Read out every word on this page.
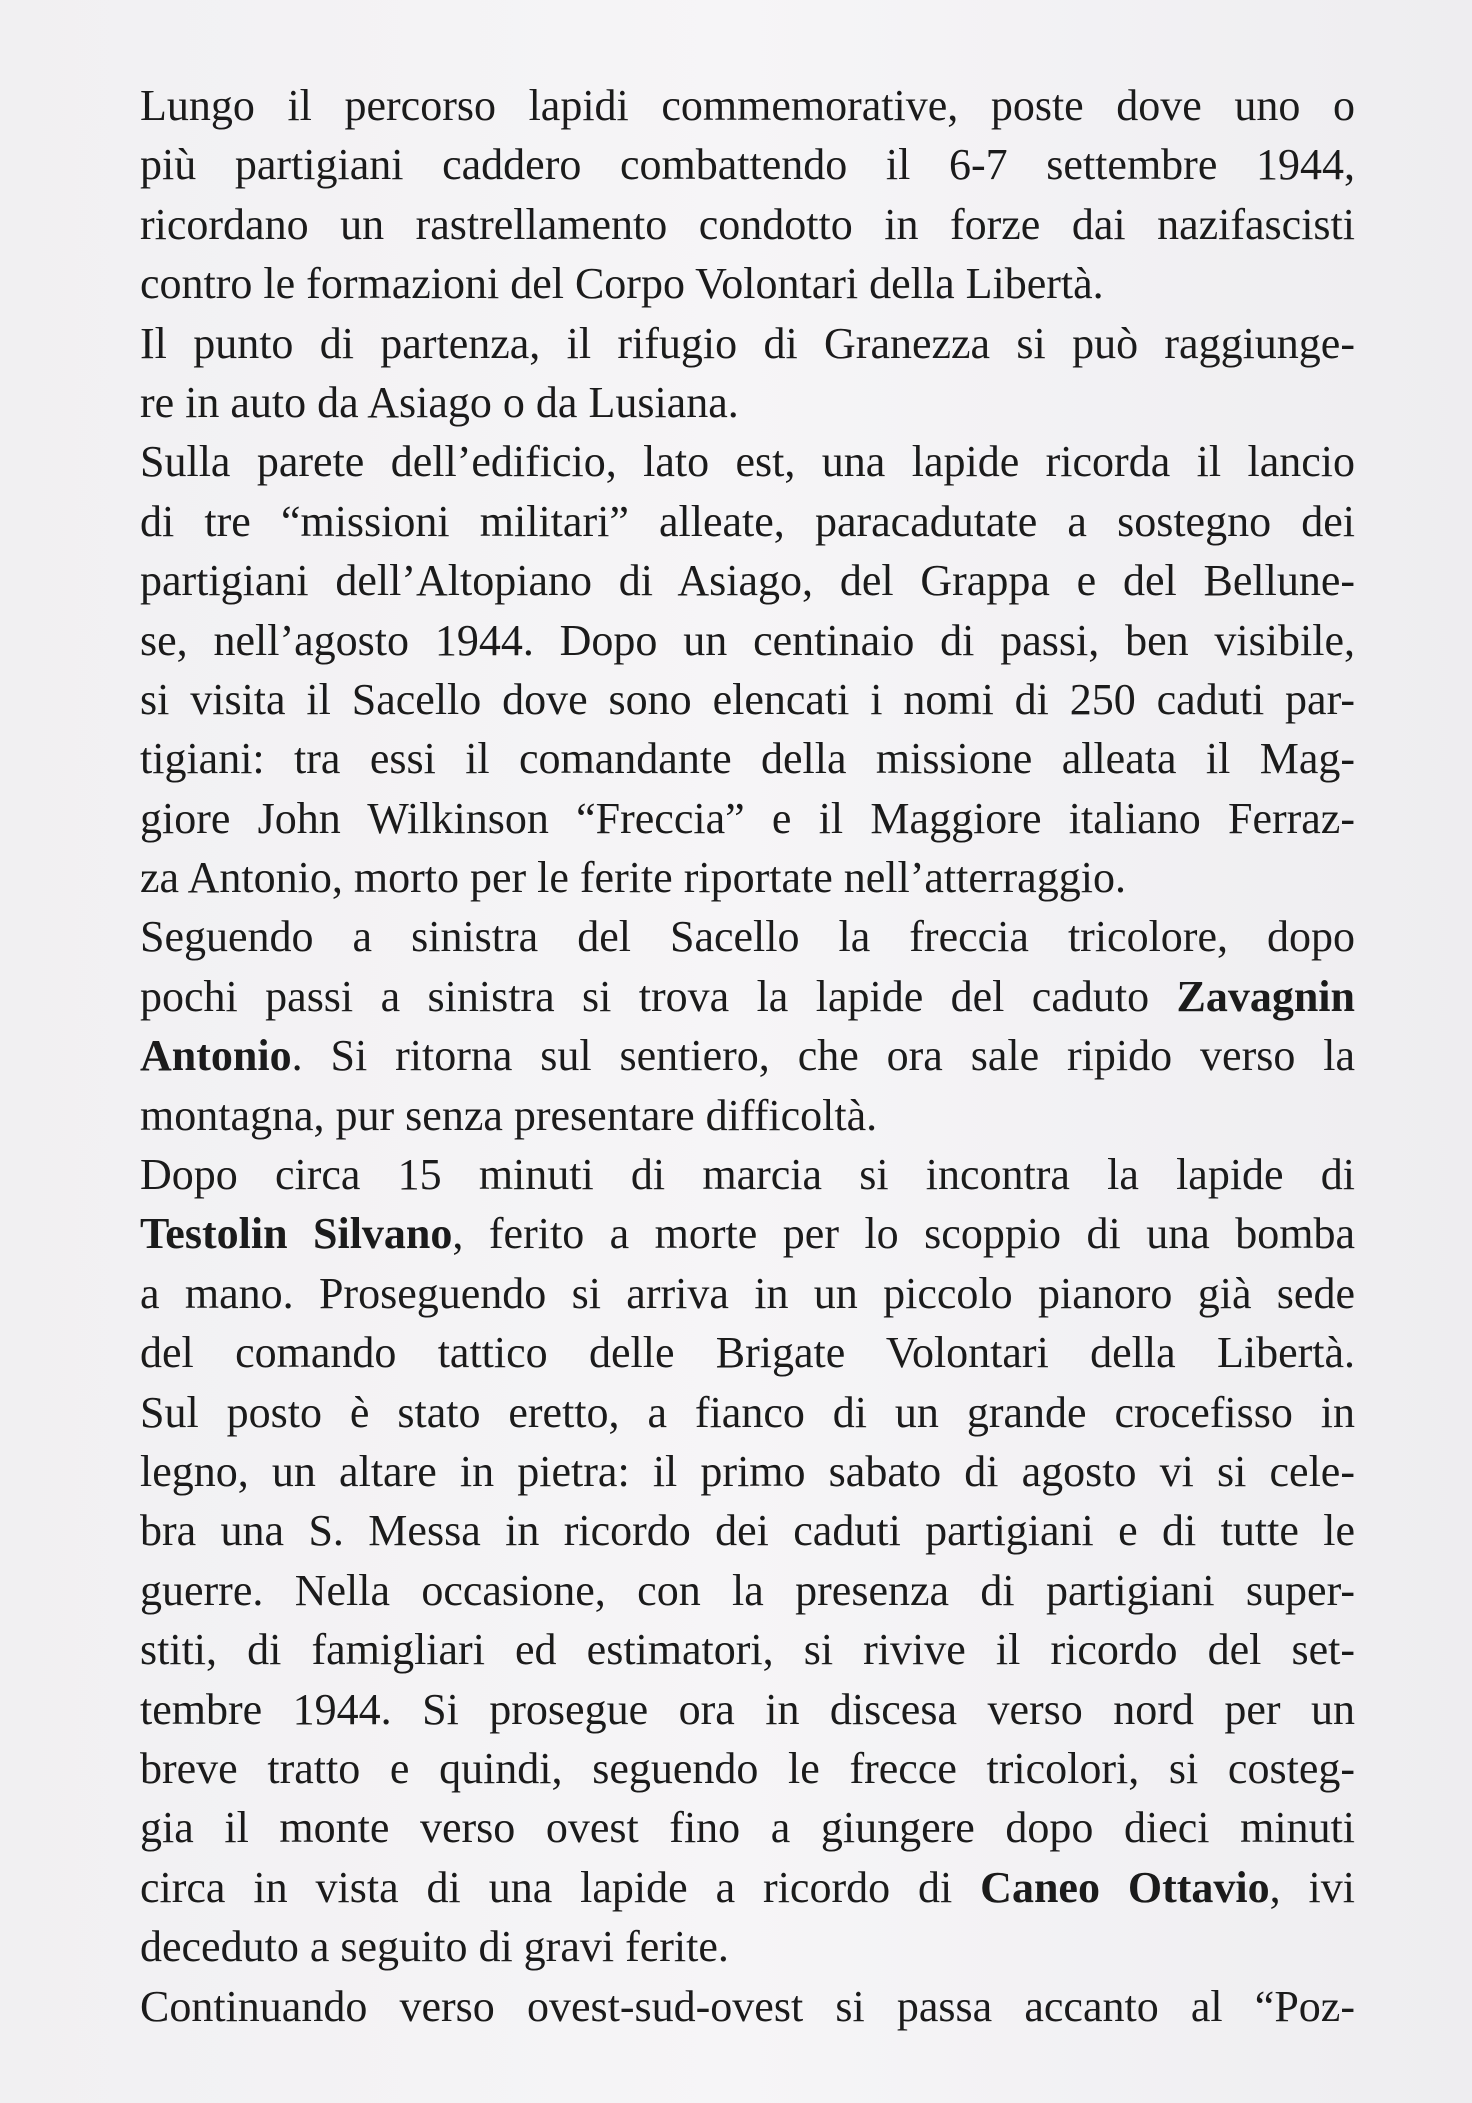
Lungo il percorso lapidi commemorative, poste dove uno o
più partigiani caddero combattendo il 6-7 settembre 1944,
ricordano un rastrellamento condotto in forze dai nazifascisti
contro le formazioni del Corpo Volontari della Libertà.
Il punto di partenza, il rifugio di Granezza si può raggiunge-
re in auto da Asiago o da Lusiana.
Sulla parete dell’edificio, lato est, una lapide ricorda il lancio
di tre “missioni militari” alleate, paracadutate a sostegno dei
partigiani dell’Altopiano di Asiago, del Grappa e del Bellune-
se, nell’agosto 1944. Dopo un centinaio di passi, ben visibile,
si visita il Sacello dove sono elencati i nomi di 250 caduti par-
tigiani: tra essi il comandante della missione alleata il Mag-
giore John Wilkinson “Freccia” e il Maggiore italiano Ferraz-
za Antonio, morto per le ferite riportate nell’atterraggio.
Seguendo a sinistra del Sacello la freccia tricolore, dopo
pochi passi a sinistra si trova la lapide del caduto Zavagnin
Antonio. Si ritorna sul sentiero, che ora sale ripido verso la
montagna, pur senza presentare difficoltà.
Dopo circa 15 minuti di marcia si incontra la lapide di
Testolin Silvano, ferito a morte per lo scoppio di una bomba
a mano. Proseguendo si arriva in un piccolo pianoro già sede
del comando tattico delle Brigate Volontari della Libertà.
Sul posto è stato eretto, a fianco di un grande crocefisso in
legno, un altare in pietra: il primo sabato di agosto vi si cele-
bra una S. Messa in ricordo dei caduti partigiani e di tutte le
guerre. Nella occasione, con la presenza di partigiani super-
stiti, di famigliari ed estimatori, si rivive il ricordo del set-
tembre 1944. Si prosegue ora in discesa verso nord per un
breve tratto e quindi, seguendo le frecce tricolori, si costeg-
gia il monte verso ovest fino a giungere dopo dieci minuti
circa in vista di una lapide a ricordo di Caneo Ottavio, ivi
deceduto a seguito di gravi ferite.
Continuando verso ovest-sud-ovest si passa accanto al “Poz-
